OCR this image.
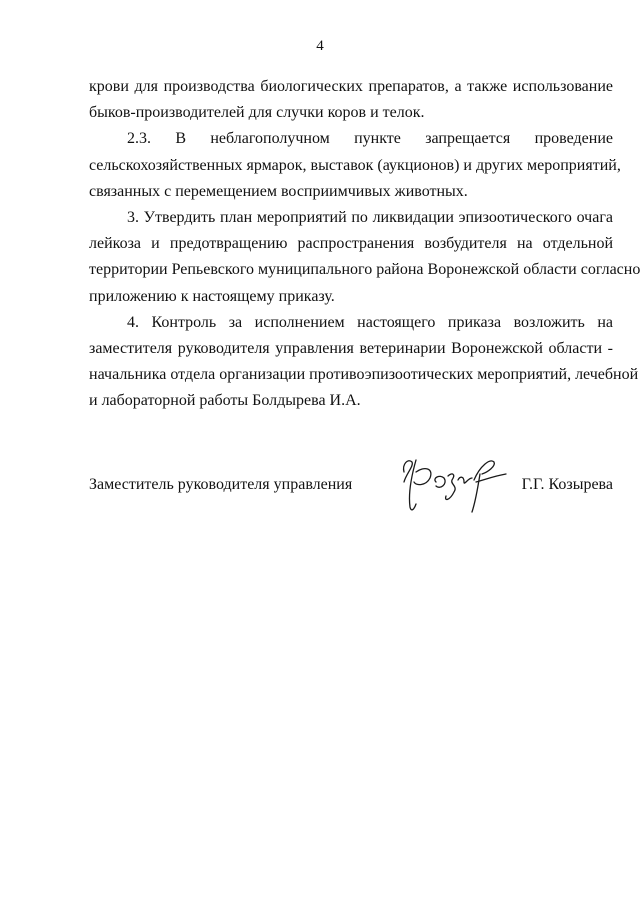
4

крови для производства биологических препаратов, а также использование
быков-производителей для случки коров и телок.

2.3. В неблагополучном пункте запрещается проведение
сельскохозяйственных ярмарок, выставок (аукционов) и других мероприятий,
связанных с перемещением восприимчивых животных.

3. Утвердить план мероприятий по ликвидации эпизоотического очага
лейкоза и предотвращению распространения возбудителя на отдельной
территории Репьевского муниципального района Воронежской области согласно
приложению к настоящему приказу.

4. Контроль за исполнением настоящего приказа возложить на
заместителя руководителя управления ветеринарии Воронежской области -
начальника отдела организации противоэпизоотических мероприятий, лечебной
и лабораторной работы Болдырева И.А.

Заместитель руководителя управления	Г.Г. Козырева
